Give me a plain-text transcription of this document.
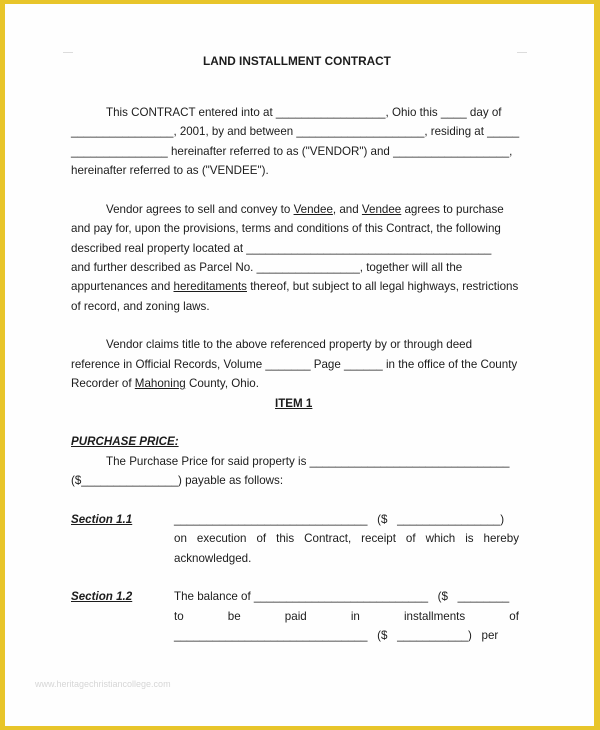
LAND INSTALLMENT CONTRACT
This CONTRACT entered into at _________________, Ohio this ____ day of
________________, 2001, by and between ____________________, residing at _____
_______________ hereinafter referred to as ("VENDOR") and __________________,
hereinafter referred to as ("VENDEE").
Vendor agrees to sell and convey to Vendee, and Vendee agrees to purchase
and pay for, upon the provisions, terms and conditions of this Contract, the following
described real property located at ______________________________________
and further described as Parcel No. ________________, together will all the
appurtenances and hereditaments thereof, but subject to all legal highways, restrictions
of record, and zoning laws.
Vendor claims title to the above referenced property by or through deed
reference in Official Records, Volume _______ Page ______ in the office of the County
Recorder of Mahoning County, Ohio.
ITEM 1
PURCHASE PRICE:
The Purchase Price for said property is _______________________________
($_______________) payable as follows:
Section 1.1	______________________________   ($   ________________)
on execution of this Contract, receipt of which is hereby
acknowledged.
Section 1.2	The balance of ___________________________   ($   ________
to	be	paid	in	installments	of
______________________________   ($   ___________)   per
www.heritagechristiancollege.com
